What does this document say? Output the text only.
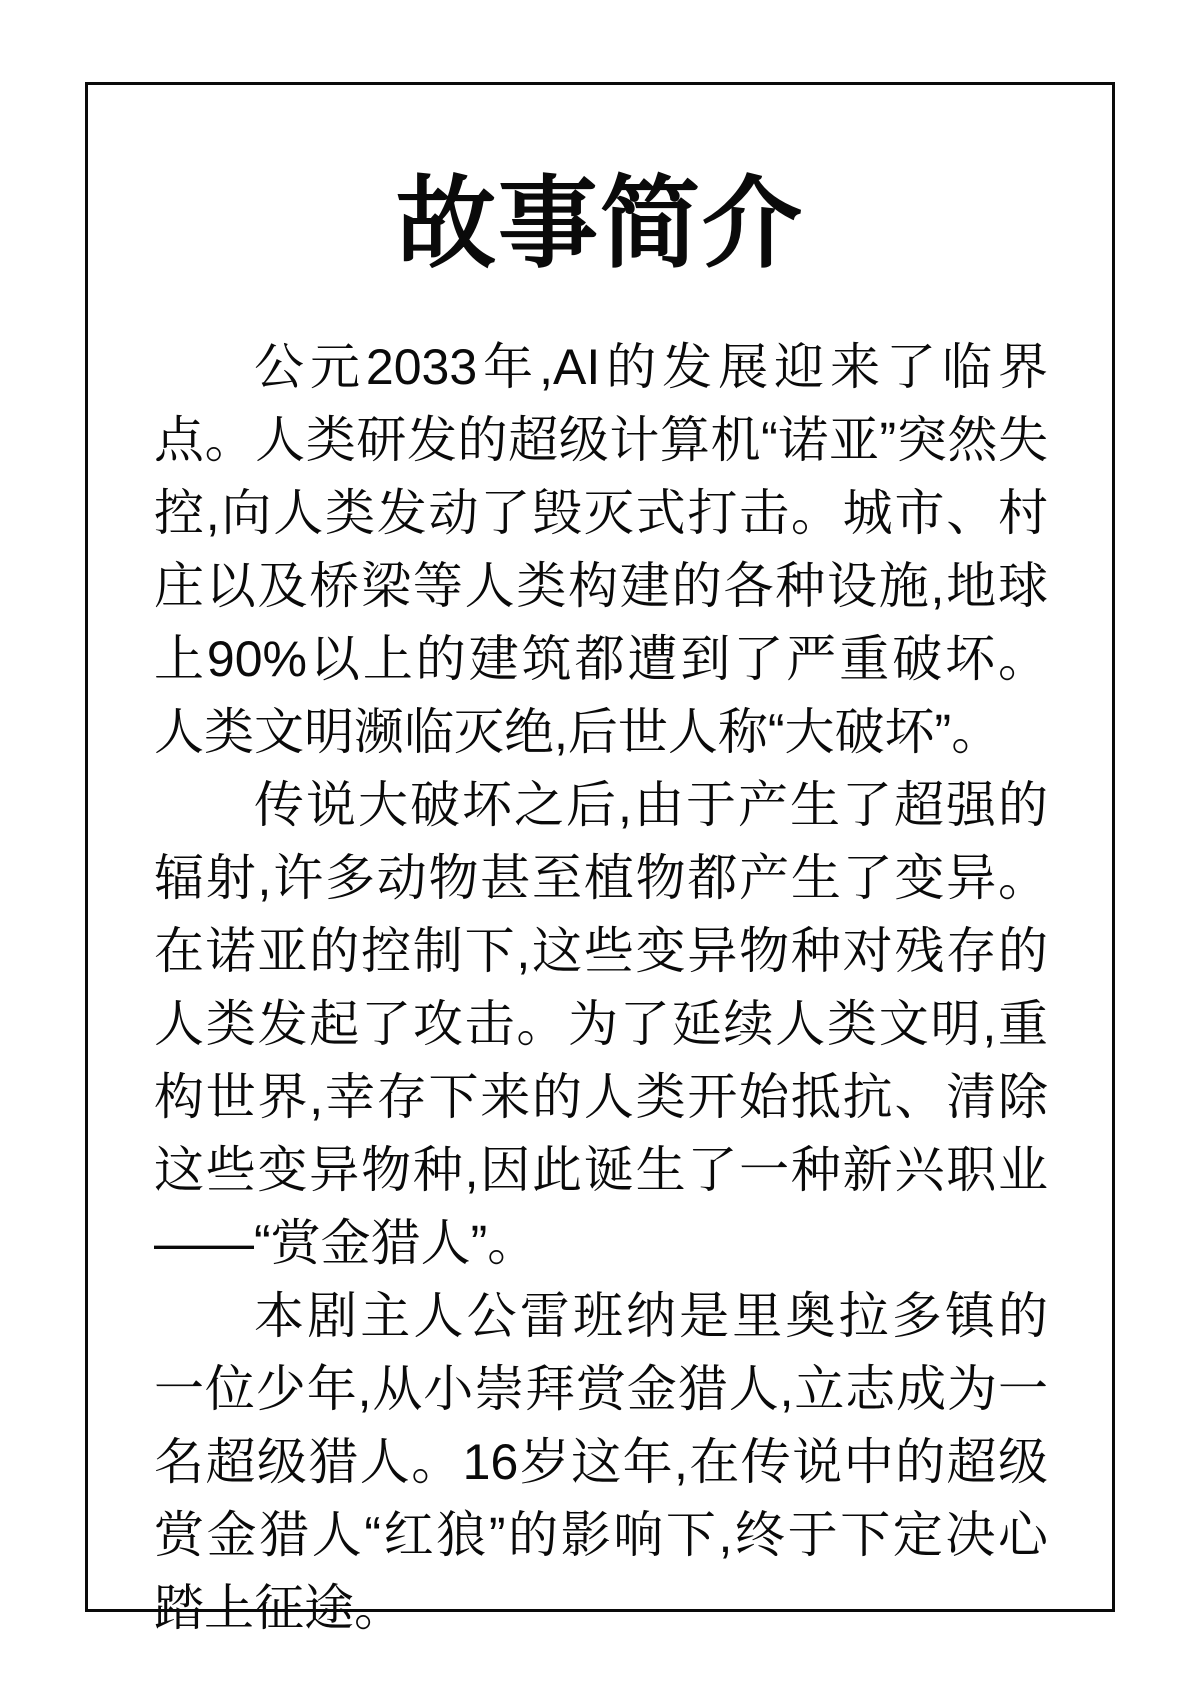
故事简介

公元2033年,AI的发展迎来了临界点。人类研发的超级计算机“诺亚”突然失控,向人类发动了毁灭式打击。城市、村庄以及桥梁等人类构建的各种设施,地球上90%以上的建筑都遭到了严重破坏。人类文明濒临灭绝,后世人称“大破坏”。

传说大破坏之后,由于产生了超强的辐射,许多动物甚至植物都产生了变异。在诺亚的控制下,这些变异物种对残存的人类发起了攻击。为了延续人类文明,重构世界,幸存下来的人类开始抵抗、清除这些变异物种,因此诞生了一种新兴职业——“赏金猎人”。

本剧主人公雷班纳是里奥拉多镇的一位少年,从小崇拜赏金猎人,立志成为一名超级猎人。16岁这年,在传说中的超级赏金猎人“红狼”的影响下,终于下定决心踏上征途。
